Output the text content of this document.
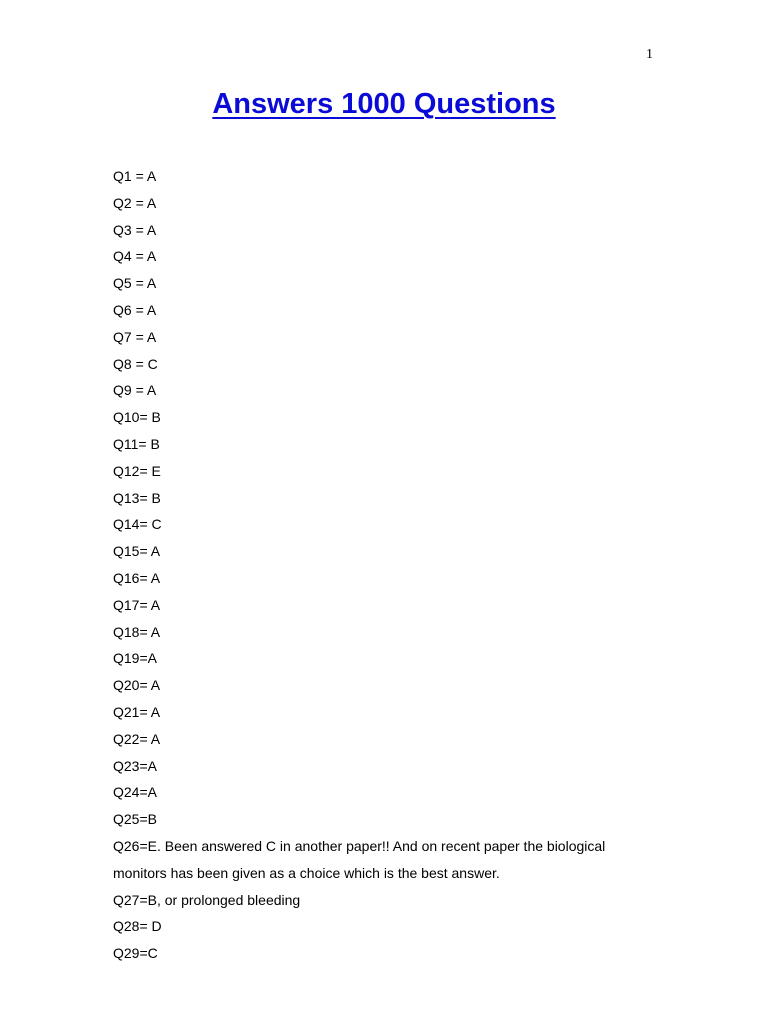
1
Answers 1000 Questions
Q1 = A
Q2 = A
Q3 = A
Q4 = A
Q5 = A
Q6 = A
Q7 = A
Q8 = C
Q9 = A
Q10= B
Q11= B
Q12= E
Q13= B
Q14= C
Q15= A
Q16= A
Q17= A
Q18= A
Q19=A
Q20= A
Q21= A
Q22= A
Q23=A
Q24=A
Q25=B
Q26=E. Been answered C in another paper!! And on recent paper the biological
monitors has been given as a choice which is the best answer.
Q27=B, or prolonged bleeding
Q28= D
Q29=C
